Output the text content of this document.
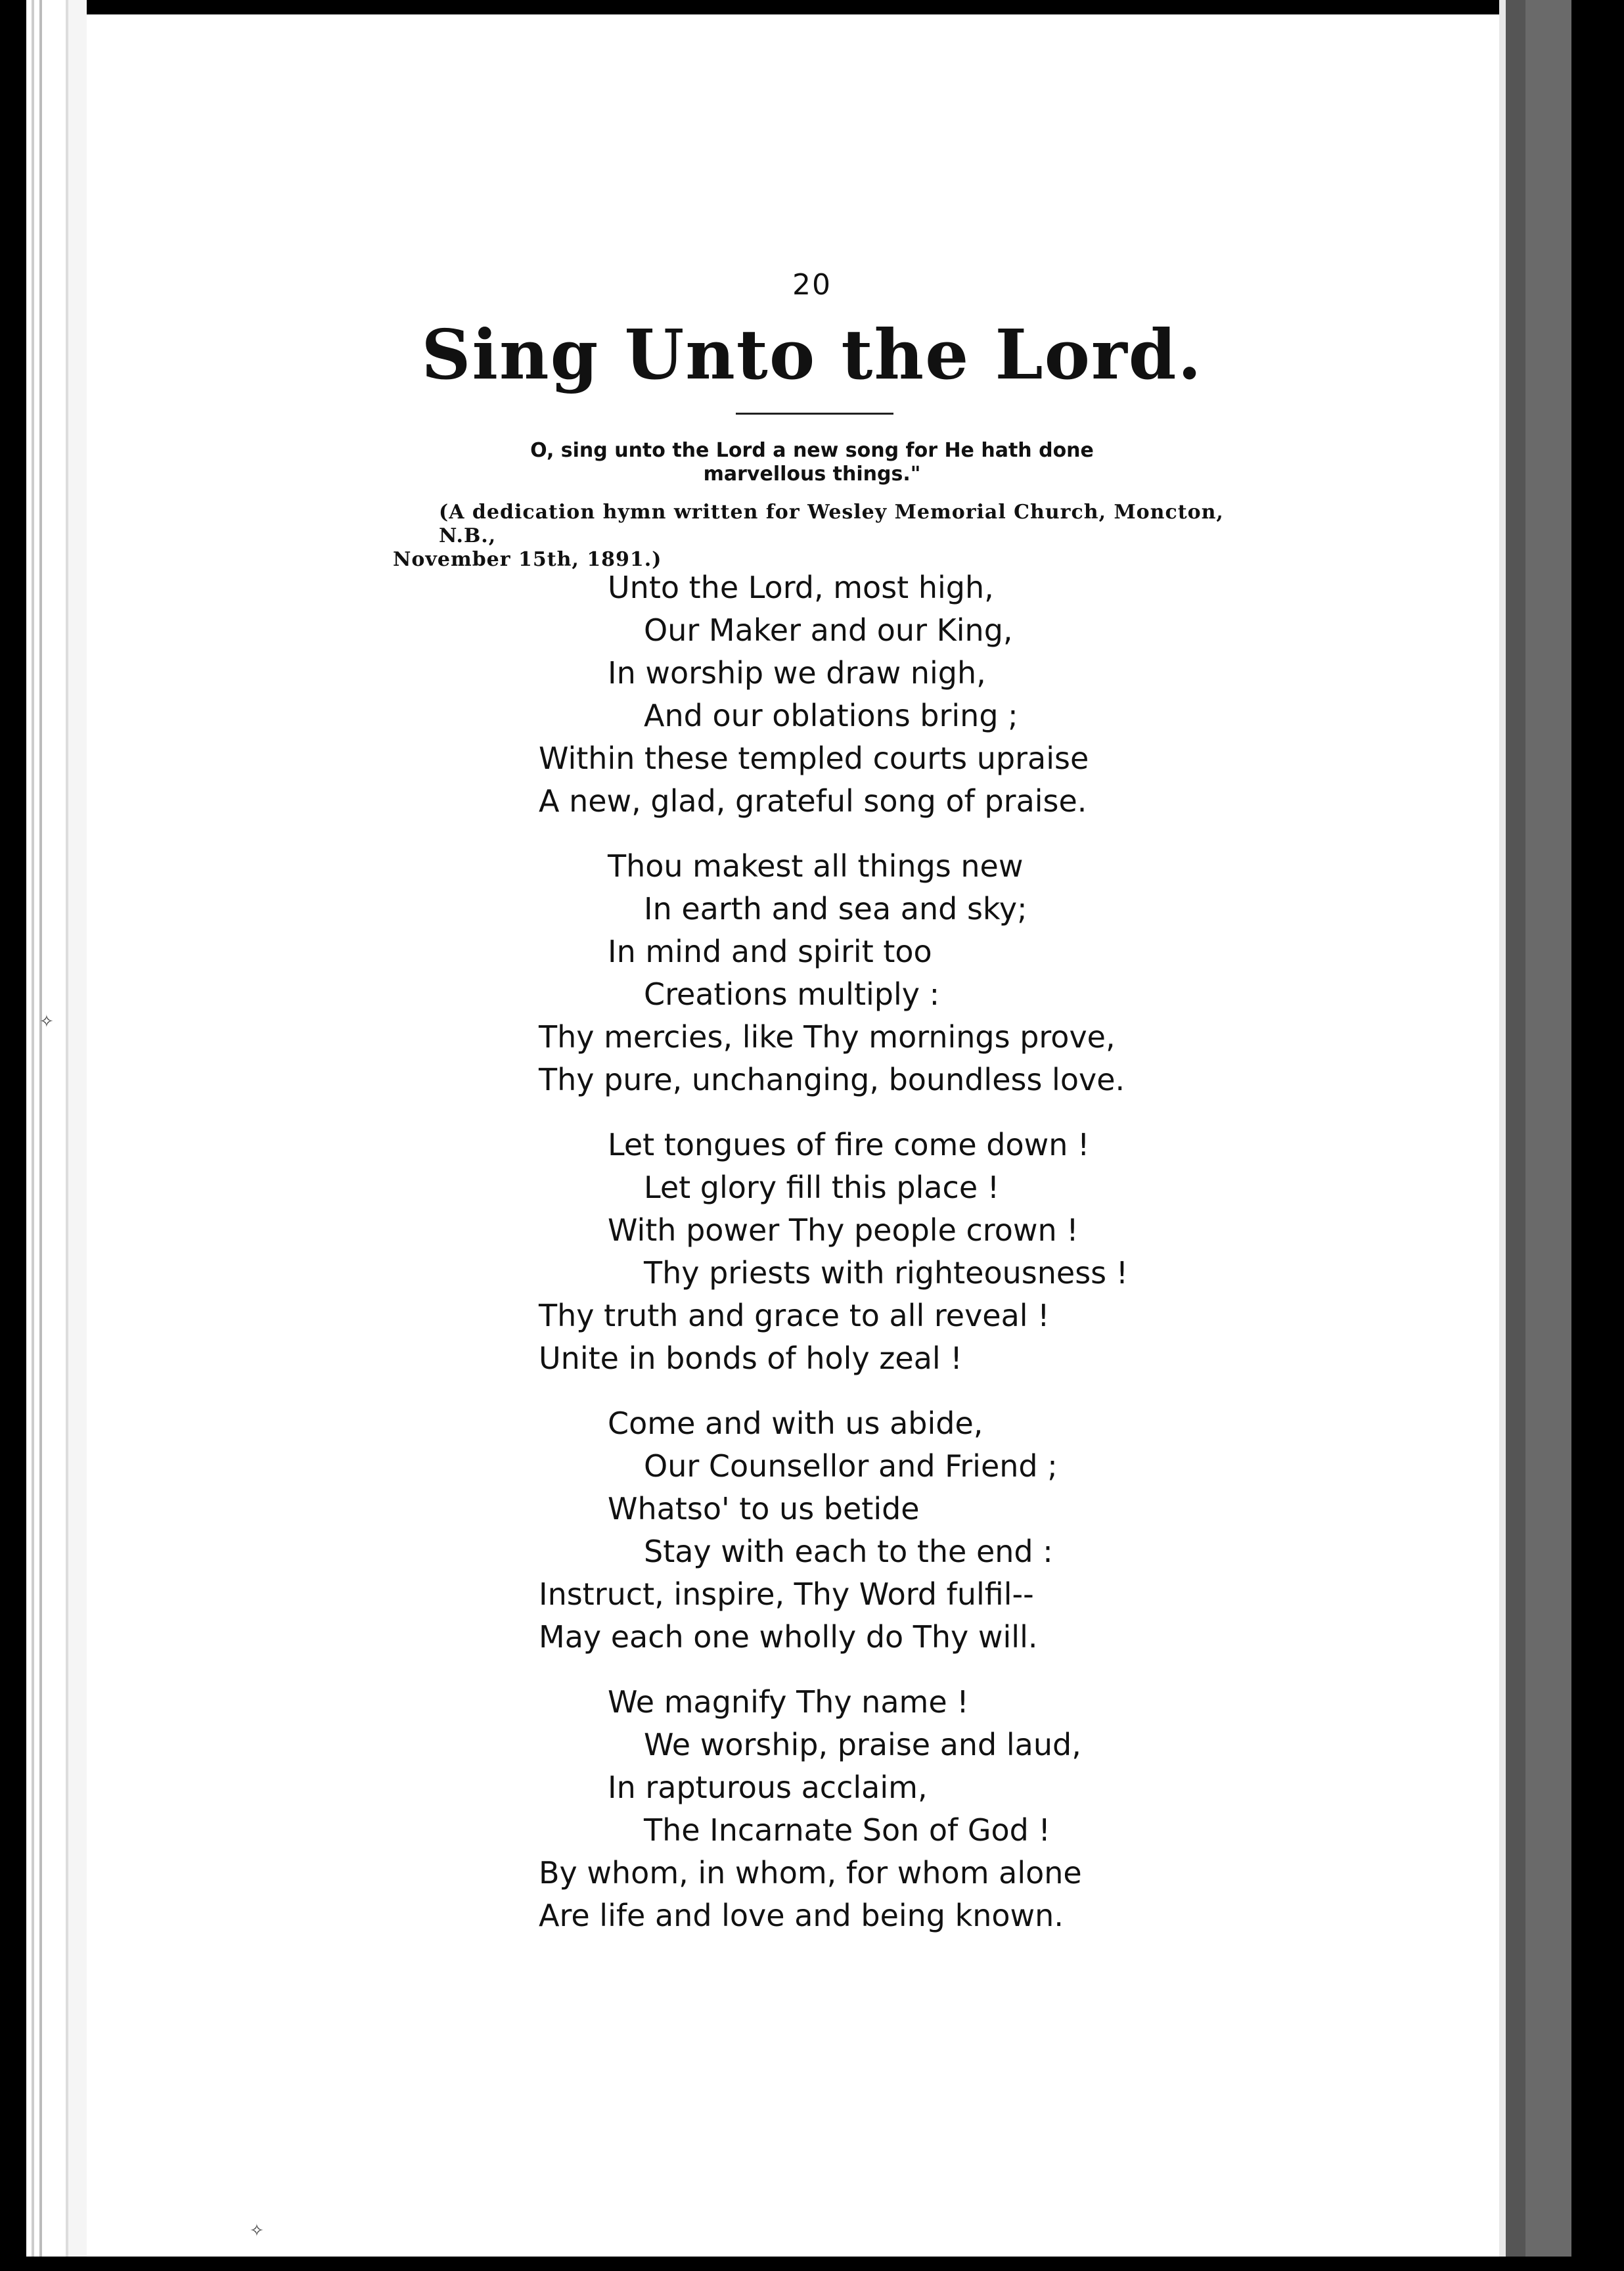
✧
✧
20
Sing Unto the Lord.
O, sing unto the Lord a new song for He hath done
marvellous things."
(A dedication hymn written for Wesley Memorial Church, Moncton, N.B.,
November 15th, 1891.)
Unto the Lord, most high,
Our Maker and our King,
In worship we draw nigh,
And our oblations bring ;
Within these templed courts upraise
A new, glad, grateful song of praise.
Thou makest all things new
In earth and sea and sky;
In mind and spirit too
Creations multiply :
Thy mercies, like Thy mornings prove,
Thy pure, unchanging, boundless love.
Let tongues of fire come down !
Let glory fill this place !
With power Thy people crown !
Thy priests with righteousness !
Thy truth and grace to all reveal !
Unite in bonds of holy zeal !
Come and with us abide,
Our Counsellor and Friend ;
Whatso' to us betide
Stay with each to the end :
Instruct, inspire, Thy Word fulfil--
May each one wholly do Thy will.
We magnify Thy name !
We worship, praise and laud,
In rapturous acclaim,
The Incarnate Son of God !
By whom, in whom, for whom alone
Are life and love and being known.
